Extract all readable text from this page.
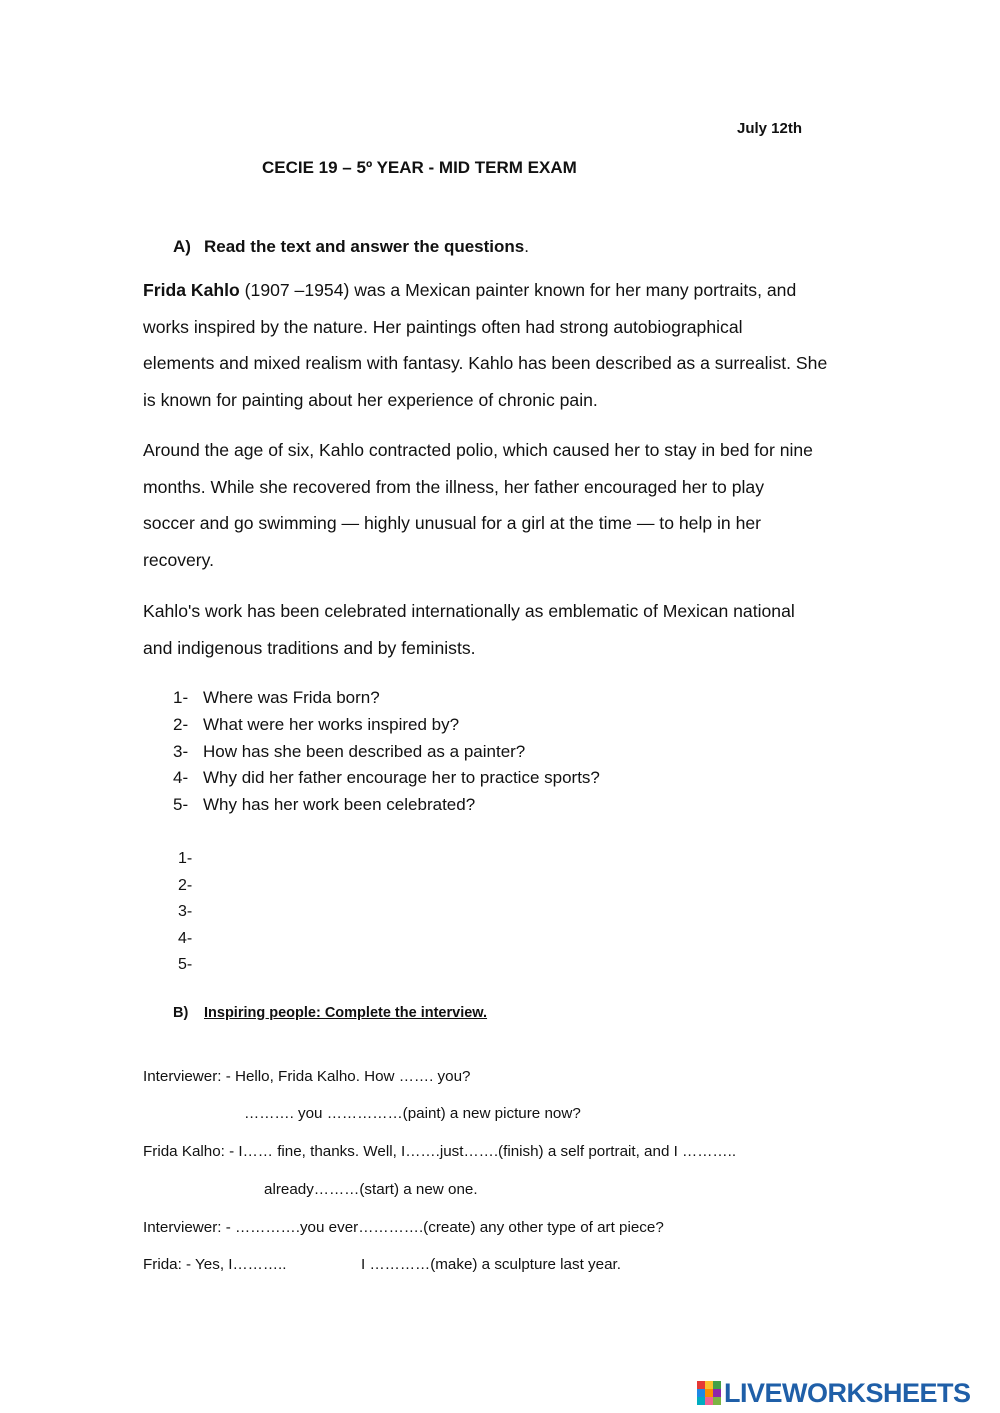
July 12th
CECIE 19 – 5º YEAR - MID TERM EXAM
A) Read the text and answer the questions.
Frida Kahlo (1907 –1954) was a Mexican painter known for her many portraits, and
works inspired by the nature. Her paintings often had strong autobiographical
elements and mixed realism with fantasy. Kahlo has been described as a surrealist. She
is known for painting about her experience of chronic pain.
Around the age of six, Kahlo contracted polio, which caused her to stay in bed for nine
months. While she recovered from the illness, her father encouraged her to play
soccer and go swimming — highly unusual for a girl at the time — to help in her
recovery.
Kahlo's work has been celebrated internationally as emblematic of Mexican national
and indigenous traditions and by feminists.
1- Where was Frida born?
2- What were her works inspired by?
3- How has she been described as a painter?
4- Why did her father encourage her to practice sports?
5- Why has her work been celebrated?
1-
2-
3-
4-
5-
B) Inspiring people: Complete the interview.
Interviewer: - Hello, Frida Kalho. How ……. you?
………. you ……………(paint) a new picture now?
Frida Kalho: - I…… fine, thanks. Well, I…….just…….(finish) a self portrait, and I ………..
already………(start) a new one.
Interviewer: - ………….you ever………….(create) any other type of art piece?
Frida: - Yes, I………..	I …………(make) a sculpture last year.
LIVEWORKSHEETS
